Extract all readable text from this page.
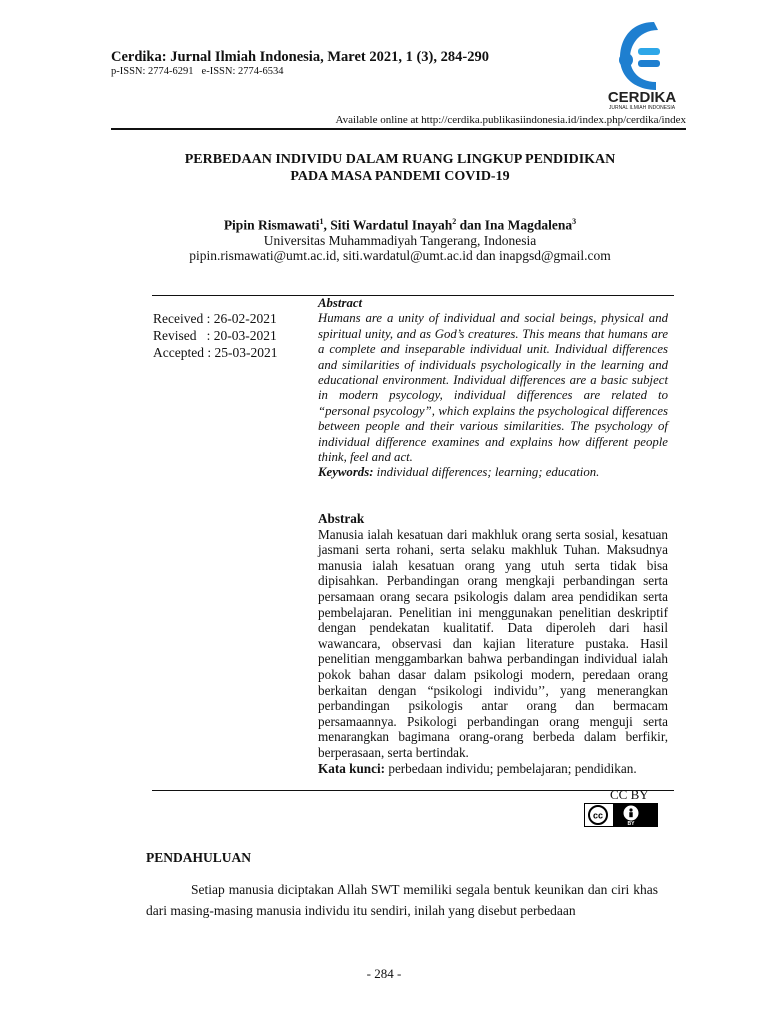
Cerdika: Jurnal Ilmiah Indonesia, Maret 2021, 1 (3), 284-290
p-ISSN: 2774-6291 e-ISSN: 2774-6534
CERDIKA
JURNAL ILMIAH INDONESIA
Available online at http://cerdika.publikasiindonesia.id/index.php/cerdika/index
PERBEDAAN INDIVIDU DALAM RUANG LINGKUP PENDIDIKAN
PADA MASA PANDEMI COVID-19
Pipin Rismawati$^1$, Siti Wardatul Inayah$^2$ dan Ina Magdalena$^3$
Universitas Muhammadiyah Tangerang, Indonesia
pipin.rismawati@umt.ac.id, siti.wardatul@umt.ac.id dan inapgsd@gmail.com
Received : 26-02-2021
Revised   : 20-03-2021
Accepted : 25-03-2021
Abstract
Humans are a unity of individual and social beings, physical and spiritual unity, and as God’s creatures. This means that humans are a complete and inseparable individual unit. Individual differences and similarities of individuals psychologically in the learning and educational environment. Individual differences are a basic subject in modern psycology, individual differences are related to “personal psycology”, which explains the psychological differences between people and their various similarities. The psychology of individual difference examines and explains how different people think, feel and act.
Keywords: individual differences; learning; education.
Abstrak
Manusia ialah kesatuan dari makhluk orang serta sosial, kesatuan jasmani serta rohani, serta selaku makhluk Tuhan. Maksudnya manusia ialah kesatuan orang yang utuh serta tidak bisa dipisahkan. Perbandingan orang mengkaji perbandingan serta persamaan orang secara psikologis dalam area pendidikan serta pembelajaran. Penelitian ini menggunakan penelitian deskriptif dengan pendekatan kualitatif. Data diperoleh dari hasil wawancara, observasi dan kajian literature pustaka. Hasil penelitian menggambarkan bahwa perbandingan individual ialah pokok bahan dasar dalam psikologi modern, peredaan orang berkaitan dengan “psikologi individu’’, yang menerangkan perbandingan psikologis antar orang dan bermacam persamaannya. Psikologi perbandingan orang menguji serta menarangkan bagimana orang-orang berbeda dalam berfikir, berperasaan, serta bertindak.
Kata kunci: perbedaan individu; pembelajaran; pendidikan.
CC BY
cc
BY
PENDAHULUAN
Setiap manusia diciptakan Allah SWT memiliki segala bentuk keunikan dan ciri khas dari masing-masing manusia individu itu sendiri, inilah yang disebut perbedaan
- 284 -
